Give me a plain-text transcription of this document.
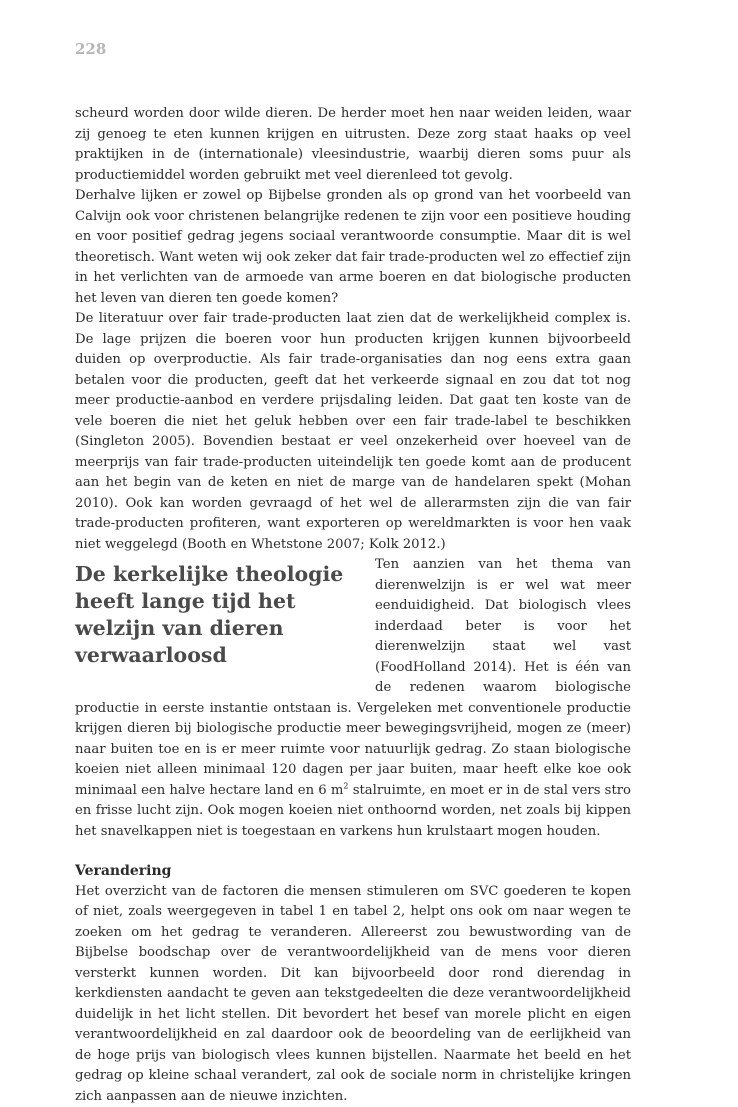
228

scheurd worden door wilde dieren. De herder moet hen naar weiden leiden, waar zij genoeg te eten kunnen krijgen en uitrusten. Deze zorg staat haaks op veel praktijken in de (internationale) vleesindustrie, waarbij dieren soms puur als productiemiddel worden gebruikt met veel dierenleed tot gevolg.

Derhalve lijken er zowel op Bijbelse gronden als op grond van het voorbeeld van Calvijn ook voor christenen belangrijke redenen te zijn voor een positieve houding en voor positief gedrag jegens sociaal verantwoorde consumptie. Maar dit is wel theoretisch. Want weten wij ook zeker dat fair trade-producten wel zo effectief zijn in het verlichten van de armoede van arme boeren en dat biologische producten het leven van dieren ten goede komen?

De literatuur over fair trade-producten laat zien dat de werkelijkheid complex is. De lage prijzen die boeren voor hun producten krijgen kunnen bijvoorbeeld duiden op overproductie. Als fair trade-organisaties dan nog eens extra gaan betalen voor die producten, geeft dat het verkeerde signaal en zou dat tot nog meer productie-aanbod en verdere prijsdaling leiden. Dat gaat ten koste van de vele boeren die niet het geluk hebben over een fair trade-label te beschikken (Singleton 2005). Bovendien bestaat er veel onzekerheid over hoeveel van de meerprijs van fair trade-producten uiteindelijk ten goede komt aan de producent aan het begin van de keten en niet de marge van de handelaren spekt (Mohan 2010). Ook kan worden gevraagd of het wel de allerarmsten zijn die van fair trade-producten profiteren, want exporteren op wereldmarkten is voor hen vaak niet weggelegd (Booth en Whetstone 2007; Kolk 2012.)

De kerkelijke theologie heeft lange tijd het welzijn van dieren verwaarloosd

Ten aanzien van het thema van dierenwelzijn is er wel wat meer eenduidigheid. Dat biologisch vlees inderdaad beter is voor het dierenwelzijn staat wel vast (FoodHolland 2014). Het is één van de redenen waarom biologische productie in eerste instantie ontstaan is. Vergeleken met conventionele productie krijgen dieren bij biologische productie meer bewegingsvrijheid, mogen ze (meer) naar buiten toe en is er meer ruimte voor natuurlijk gedrag. Zo staan biologische koeien niet alleen minimaal 120 dagen per jaar buiten, maar heeft elke koe ook minimaal een halve hectare land en 6 $m^2$ stalruimte, en moet er in de stal vers stro en frisse lucht zijn. Ook mogen koeien niet onthoornd worden, net zoals bij kippen het snavelkappen niet is toegestaan en varkens hun krulstaart mogen houden.

Verandering

Het overzicht van de factoren die mensen stimuleren om SVC goederen te kopen of niet, zoals weergegeven in tabel 1 en tabel 2, helpt ons ook om naar wegen te zoeken om het gedrag te veranderen. Allereerst zou bewustwording van de Bijbelse boodschap over de verantwoordelijkheid van de mens voor dieren versterkt kunnen worden. Dit kan bijvoorbeeld door rond dierendag in kerkdiensten aandacht te geven aan tekstgedeelten die deze verantwoordelijkheid duidelijk in het licht stellen. Dit bevordert het besef van morele plicht en eigen verantwoordelijkheid en zal daardoor ook de beoordeling van de eerlijkheid van de hoge prijs van biologisch vlees kunnen bijstellen. Naarmate het beeld en het gedrag op kleine schaal verandert, zal ook de sociale norm in christelijke kringen zich aanpassen aan de nieuwe inzichten.
